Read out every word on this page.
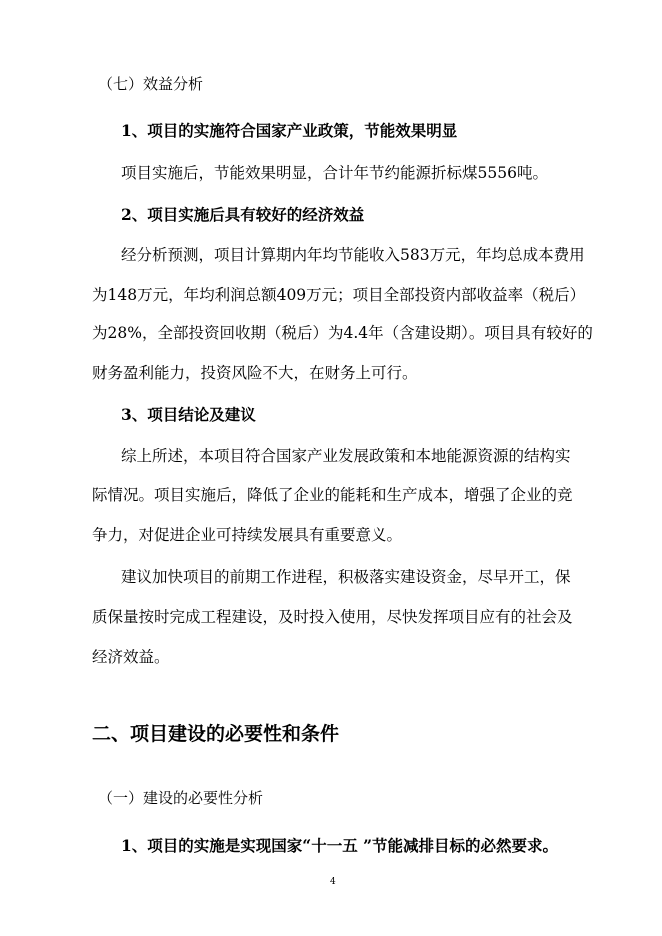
（七）效益分析
1、项目的实施符合国家产业政策，节能效果明显
项目实施后，节能效果明显，合计年节约能源折标煤5556吨。
2、项目实施后具有较好的经济效益
经分析预测，项目计算期内年均节能收入583万元，年均总成本费用
为148万元，年均利润总额409万元；项目全部投资内部收益率（税后）
为28%，全部投资回收期（税后）为4.4年（含建设期）。项目具有较好的
财务盈利能力，投资风险不大，在财务上可行。
3、项目结论及建议
综上所述，本项目符合国家产业发展政策和本地能源资源的结构实
际情况。项目实施后，降低了企业的能耗和生产成本，增强了企业的竞
争力，对促进企业可持续发展具有重要意义。
建议加快项目的前期工作进程，积极落实建设资金，尽早开工，保
质保量按时完成工程建设，及时投入使用，尽快发挥项目应有的社会及
经济效益。
二、项目建设的必要性和条件
（一）建设的必要性分析
1、项目的实施是实现国家“十一五 ”节能减排目标的必然要求。
4
